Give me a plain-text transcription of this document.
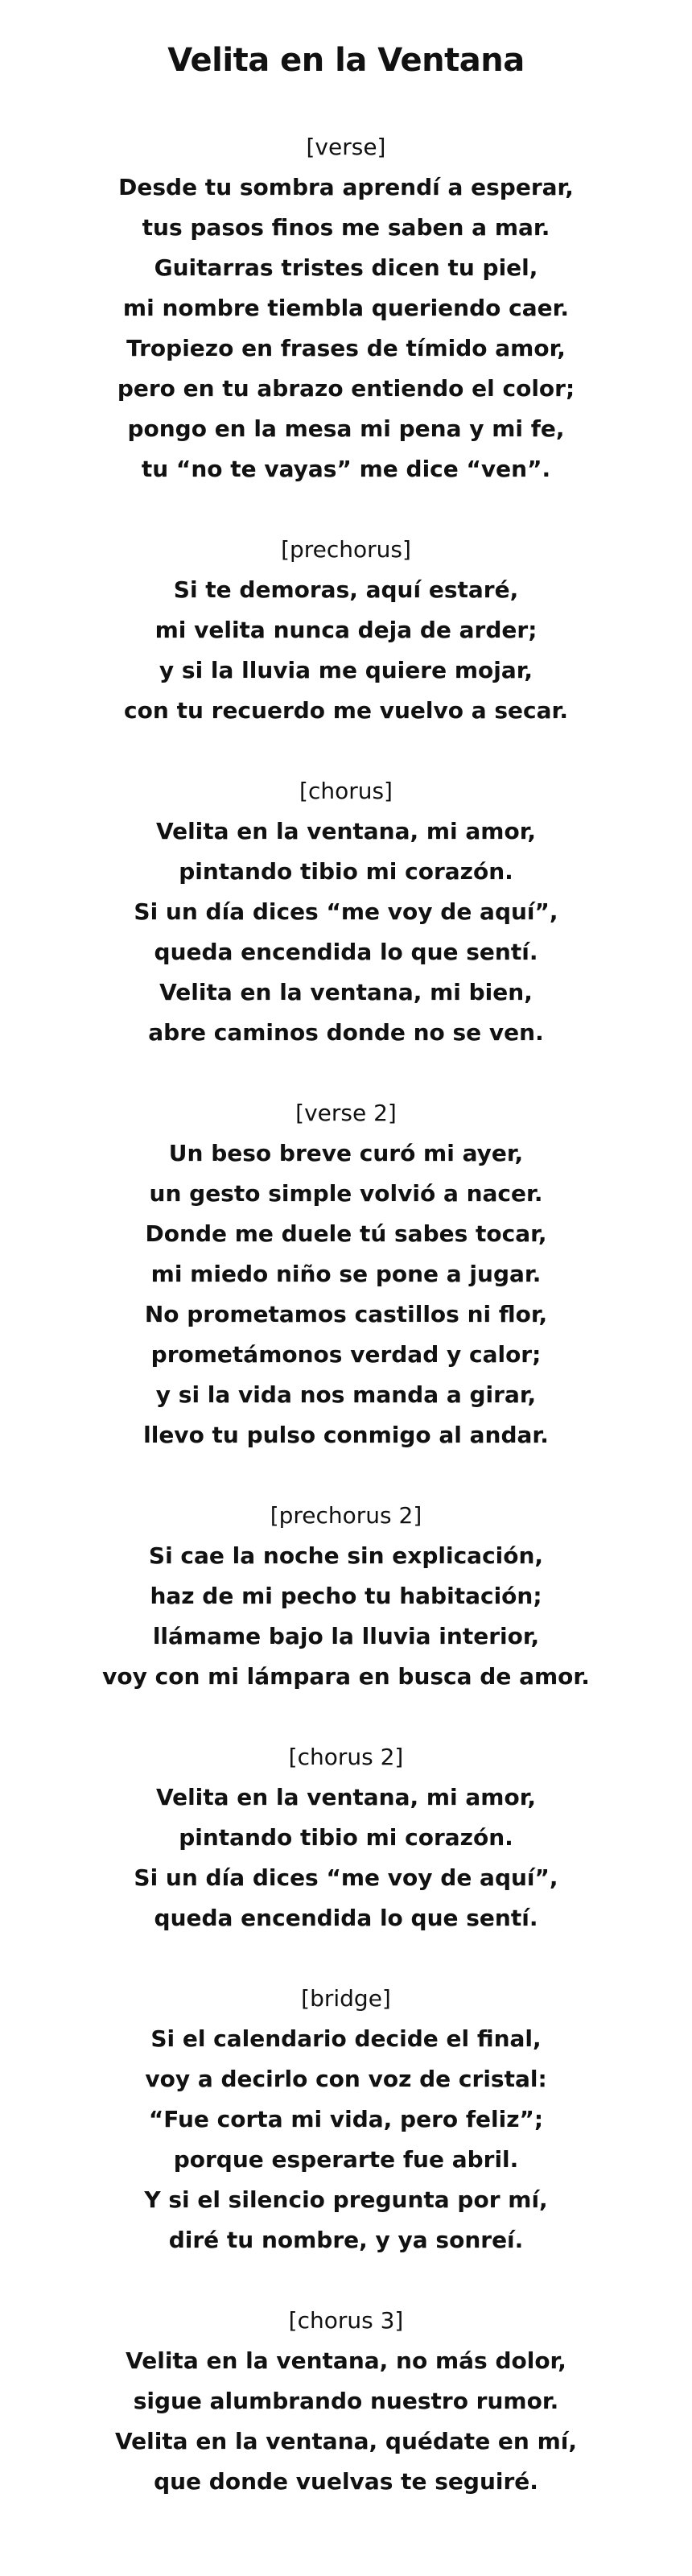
Velita en la Ventana
[verse]
Desde tu sombra aprendí a esperar,
tus pasos finos me saben a mar.
Guitarras tristes dicen tu piel,
mi nombre tiembla queriendo caer.
Tropiezo en frases de tímido amor,
pero en tu abrazo entiendo el color;
pongo en la mesa mi pena y mi fe,
tu “no te vayas” me dice “ven”.
[prechorus]
Si te demoras, aquí estaré,
mi velita nunca deja de arder;
y si la lluvia me quiere mojar,
con tu recuerdo me vuelvo a secar.
[chorus]
Velita en la ventana, mi amor,
pintando tibio mi corazón.
Si un día dices “me voy de aquí”,
queda encendida lo que sentí.
Velita en la ventana, mi bien,
abre caminos donde no se ven.
[verse 2]
Un beso breve curó mi ayer,
un gesto simple volvió a nacer.
Donde me duele tú sabes tocar,
mi miedo niño se pone a jugar.
No prometamos castillos ni flor,
prometámonos verdad y calor;
y si la vida nos manda a girar,
llevo tu pulso conmigo al andar.
[prechorus 2]
Si cae la noche sin explicación,
haz de mi pecho tu habitación;
llámame bajo la lluvia interior,
voy con mi lámpara en busca de amor.
[chorus 2]
Velita en la ventana, mi amor,
pintando tibio mi corazón.
Si un día dices “me voy de aquí”,
queda encendida lo que sentí.
[bridge]
Si el calendario decide el final,
voy a decirlo con voz de cristal:
“Fue corta mi vida, pero feliz”;
porque esperarte fue abril.
Y si el silencio pregunta por mí,
diré tu nombre, y ya sonreí.
[chorus 3]
Velita en la ventana, no más dolor,
sigue alumbrando nuestro rumor.
Velita en la ventana, quédate en mí,
que donde vuelvas te seguiré.
